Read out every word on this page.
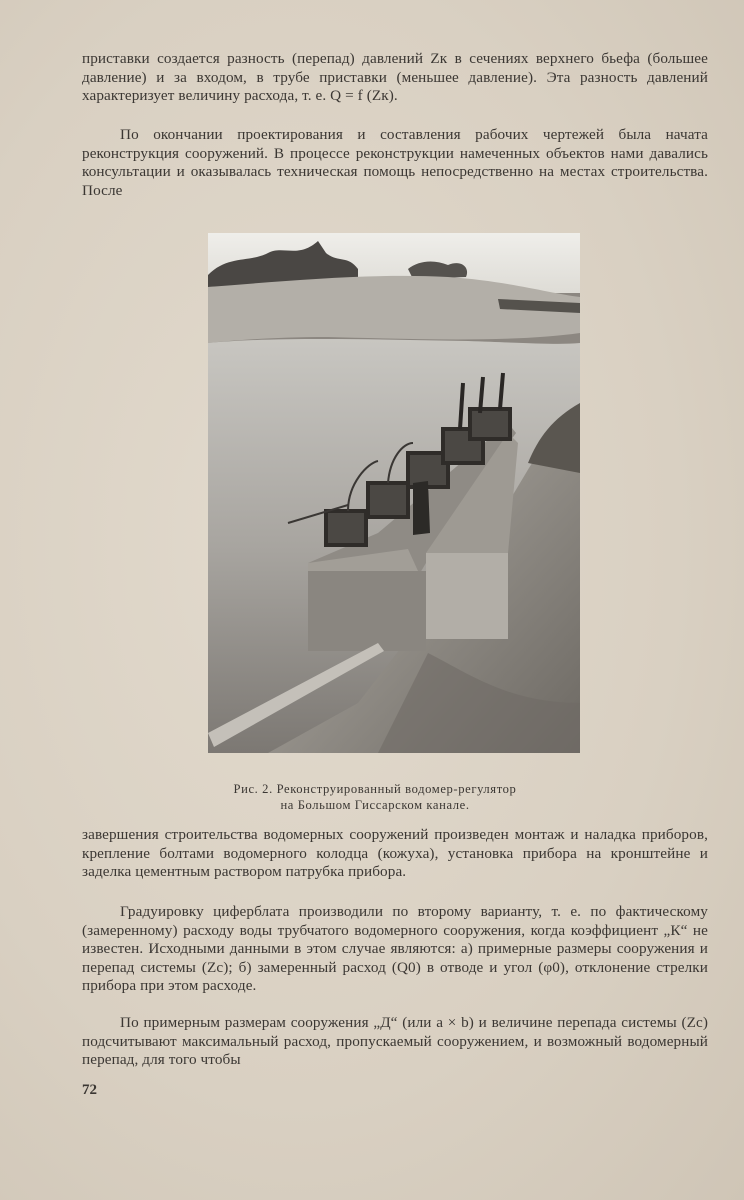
приставки создается разность (перепад) давлений Zк в сечениях верхнего бьефа (большее давление) и за входом, в трубе приставки (меньшее давление). Эта разность давлений характеризует величину расхода, т. е. Q = f (Zк).

По окончании проектирования и составления рабочих чертежей была начата реконструкция сооружений. В процессе реконструкции намеченных объектов нами давались консультации и оказывалась техническая помощь непосредственно на местах строительства. После

Рис. 2. Реконструированный водомер-регулятор
на Большом Гиссарском канале.

завершения строительства водомерных сооружений произведен монтаж и наладка приборов, крепление болтами водомерного колодца (кожуха), установка прибора на кронштейне и заделка цементным раствором патрубка прибора.

Градуировку циферблата производили по второму варианту, т. е. по фактическому (замеренному) расходу воды трубчатого водомерного сооружения, когда коэффициент „К“ не известен. Исходными данными в этом случае являются: а) примерные размеры сооружения и перепад системы (Zс); б) замеренный расход (Q0) в отводе и угол (φ0), отклонение стрелки прибора при этом расходе.

По примерным размерам сооружения „Д“ (или a × b) и величине перепада системы (Zс) подсчитывают максимальный расход, пропускаемый сооружением, и возможный водомерный перепад, для того чтобы

72
